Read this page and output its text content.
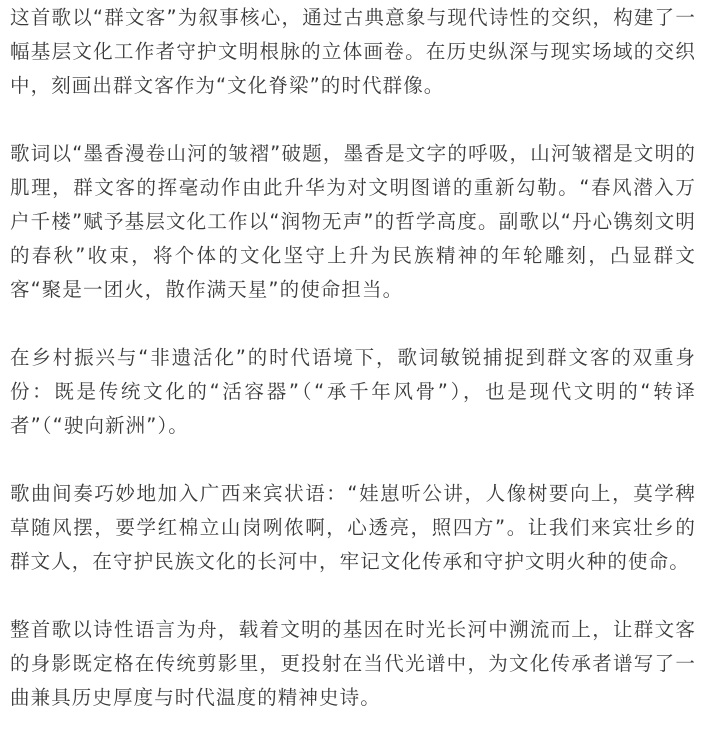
这首歌以“群文客”为叙事核心，通过古典意象与现代诗性的交织，构建了一幅基层文化工作者守护文明根脉的立体画卷。在历史纵深与现实场域的交织中，刻画出群文客作为“文化脊梁”的时代群像。

歌词以“墨香漫卷山河的皱褶”破题，墨香是文字的呼吸，山河皱褶是文明的肌理，群文客的挥毫动作由此升华为对文明图谱的重新勾勒。“春风潜入万户千楼”赋予基层文化工作以“润物无声”的哲学高度。副歌以“丹心镌刻文明的春秋”收束，将个体的文化坚守上升为民族精神的年轮雕刻，凸显群文客“聚是一团火，散作满天星”的使命担当。

在乡村振兴与“非遗活化”的时代语境下，歌词敏锐捕捉到群文客的双重身份：既是传统文化的“活容器”（“承千年风骨”），也是现代文明的“转译者”（“驶向新洲”）。

歌曲间奏巧妙地加入广西来宾状语：“娃崽听公讲，人像树要向上，莫学稗草随风摆，要学红棉立山岗咧侬啊，心透亮，照四方”。让我们来宾壮乡的群文人，在守护民族文化的长河中，牢记文化传承和守护文明火种的使命。

整首歌以诗性语言为舟，载着文明的基因在时光长河中溯流而上，让群文客的身影既定格在传统剪影里，更投射在当代光谱中，为文化传承者谱写了一曲兼具历史厚度与时代温度的精神史诗。
